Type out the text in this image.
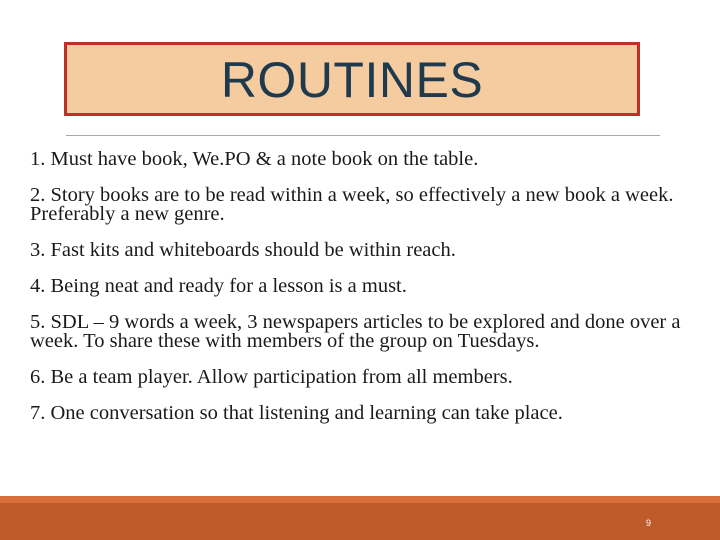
ROUTINES
1. Must have book, We.PO & a note book on the table.
2. Story books are to be read within a week, so effectively a new book a week. Preferably a new genre.
3. Fast kits and whiteboards should be within reach.
4. Being neat and ready for a lesson is a must.
5. SDL – 9 words a week, 3 newspapers articles to be explored and done over a week. To share these with members of the group on Tuesdays.
6. Be a team player. Allow participation from all members.
7. One conversation so that listening and learning can take place.
9
